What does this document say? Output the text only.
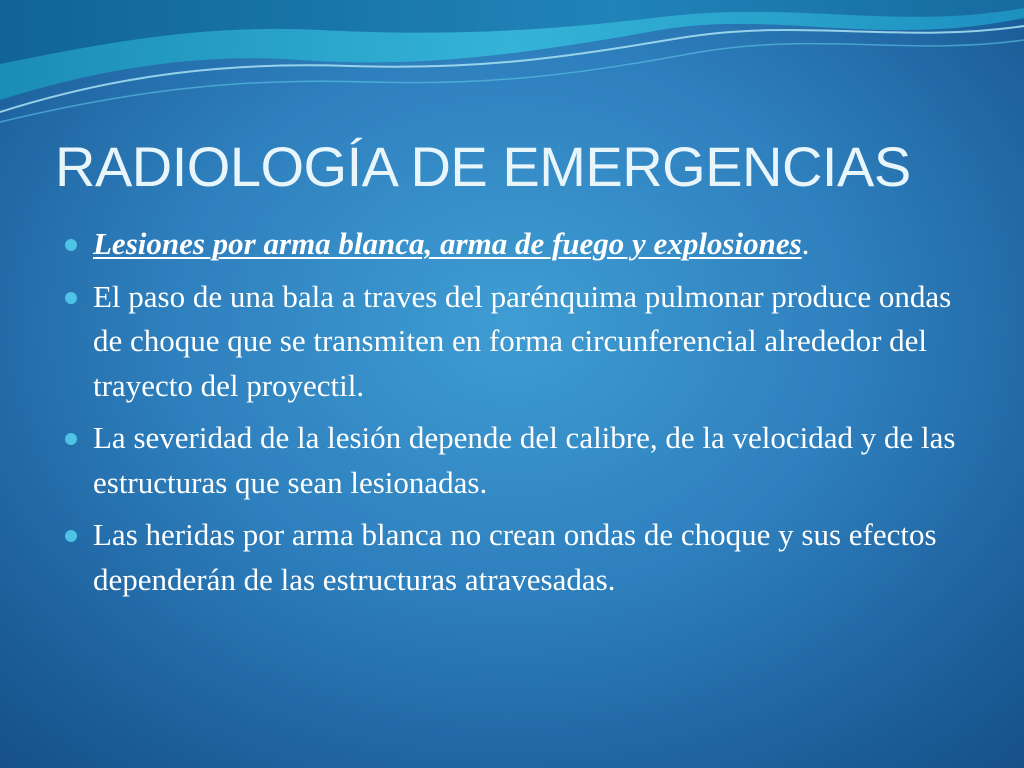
RADIOLOGÍA DE EMERGENCIAS
Lesiones por arma blanca, arma de fuego y explosiones.
El paso de una bala a traves del parénquima pulmonar produce ondas de choque que se transmiten en forma circunferencial alrededor del trayecto del proyectil.
La severidad de la lesión depende del calibre, de la velocidad y de las estructuras que sean lesionadas.
Las heridas por arma blanca no crean ondas de choque y sus efectos dependerán de las estructuras atravesadas.
